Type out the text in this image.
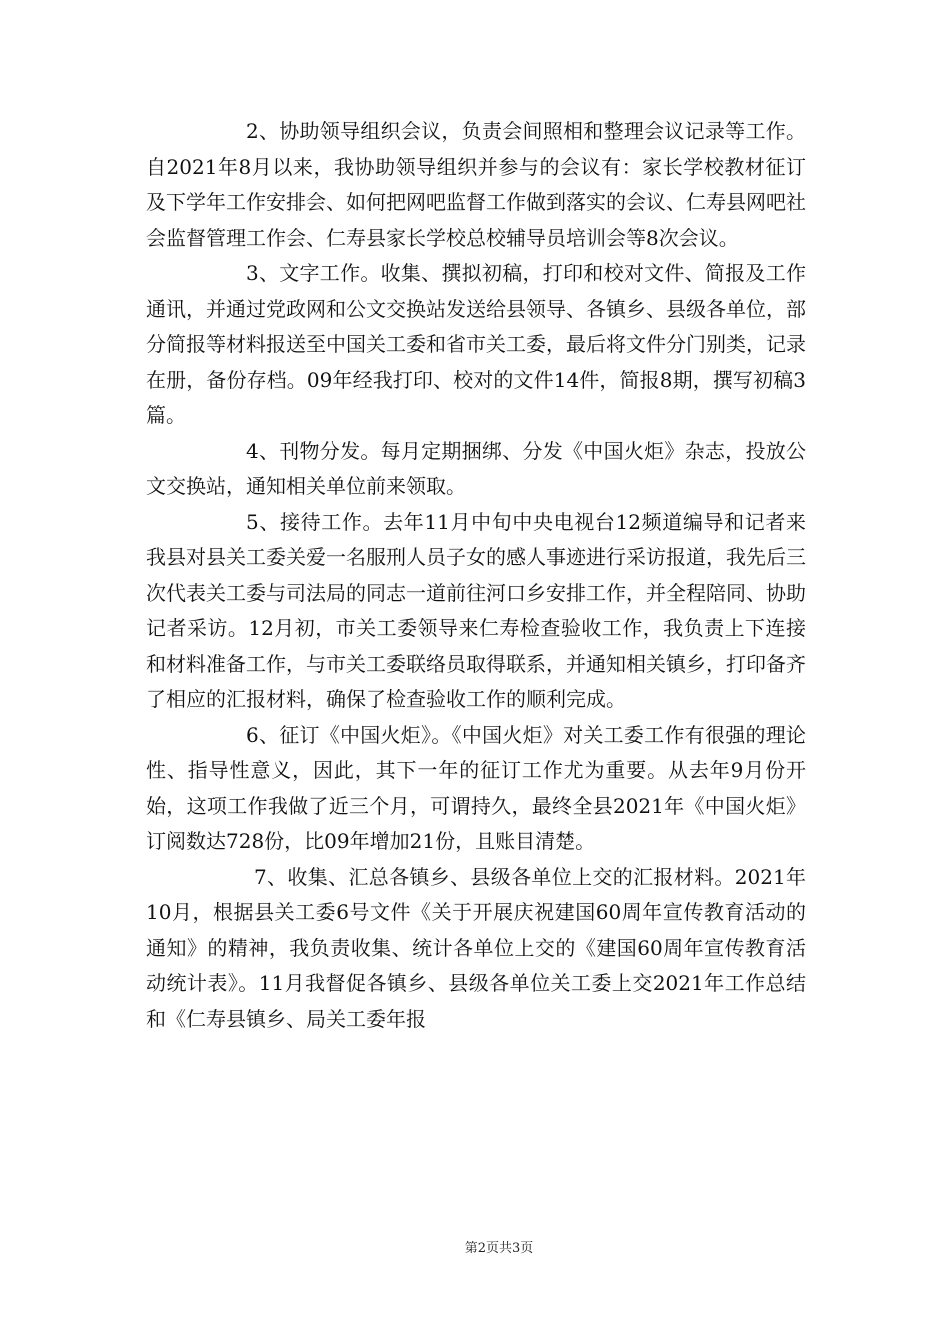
2、协助领导组织会议，负责会间照相和整理会议记录等工作。自2021年8月以来，我协助领导组织并参与的会议有：家长学校教材征订及下学年工作安排会、如何把网吧监督工作做到落实的会议、仁寿县网吧社会监督管理工作会、仁寿县家长学校总校辅导员培训会等8次会议。

3、文字工作。收集、撰拟初稿，打印和校对文件、简报及工作通讯，并通过党政网和公文交换站发送给县领导、各镇乡、县级各单位，部分简报等材料报送至中国关工委和省市关工委，最后将文件分门别类，记录在册，备份存档。09年经我打印、校对的文件14件，简报8期，撰写初稿3篇。

4、刊物分发。每月定期捆绑、分发《中国火炬》杂志，投放公文交换站，通知相关单位前来领取。

5、接待工作。去年11月中旬中央电视台12频道编导和记者来我县对县关工委关爱一名服刑人员子女的感人事迹进行采访报道，我先后三次代表关工委与司法局的同志一道前往河口乡安排工作，并全程陪同、协助记者采访。12月初，市关工委领导来仁寿检查验收工作，我负责上下连接和材料准备工作，与市关工委联络员取得联系，并通知相关镇乡，打印备齐了相应的汇报材料，确保了检查验收工作的顺利完成。

6、征订《中国火炬》。《中国火炬》对关工委工作有很强的理论性、指导性意义，因此，其下一年的征订工作尤为重要。从去年9月份开始，这项工作我做了近三个月，可谓持久，最终全县2021年《中国火炬》订阅数达728份，比09年增加21份，且账目清楚。

7、收集、汇总各镇乡、县级各单位上交的汇报材料。2021年10月，根据县关工委6号文件《关于开展庆祝建国60周年宣传教育活动的通知》的精神，我负责收集、统计各单位上交的《建国60周年宣传教育活动统计表》。11月我督促各镇乡、县级各单位关工委上交2021年工作总结和《仁寿县镇乡、局关工委年报

第2页共3页
